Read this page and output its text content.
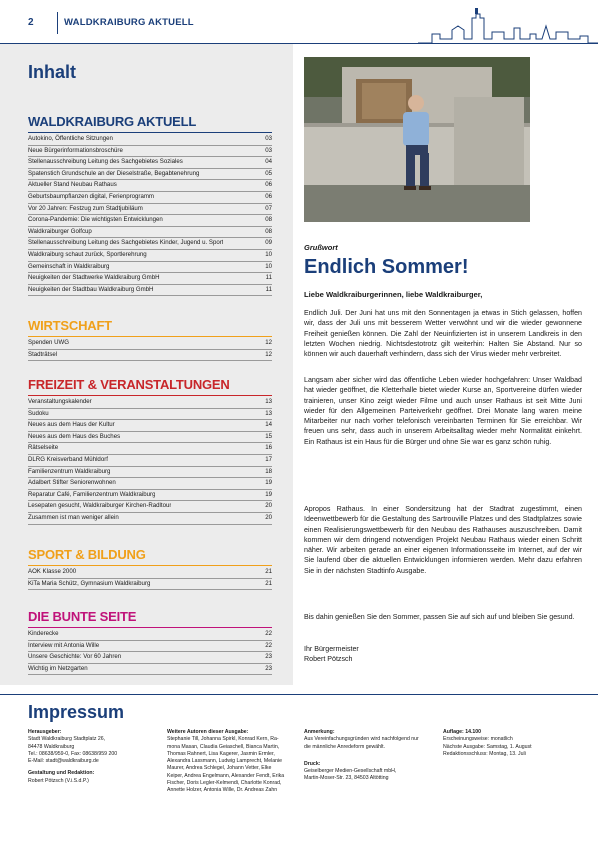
2	WALDKRAIBURG AKTUELL
Inhalt
WALDKRAIBURG AKTUELL
Autokino, Öffentliche Sitzungen	03
Neue Bürgerinformationsbroschüre	03
Stellenausschreibung Leitung des Sachgebietes Soziales	04
Spatenstich Grundschule an der Dieselstraße, Begabtenehrung	05
Aktueller Stand Neubau Rathaus	06
Geburtsbaumpflanzen digital, Ferienprogramm	06
Vor 20 Jahren: Festzug zum Stadtjubiläum	07
Corona-Pandemie: Die wichtigsten Entwicklungen	08
Waldkraiburger Golfcup	08
Stellenausschreibung Leitung des Sachgebietes Kinder, Jugend u. Sport	09
Waldkraiburg schaut zurück, Sportlerehrung	10
Gemeinschaft in Waldkraiburg	10
Neuigkeiten der Stadtwerke Waldkraiburg GmbH	11
Neuigkeiten der Stadtbau Waldkraiburg GmbH	11
WIRTSCHAFT
Spenden UWG	12
Stadträtsel	12
FREIZEIT & VERANSTALTUNGEN
Veranstaltungskalender	13
Sudoku	13
Neues aus dem Haus der Kultur	14
Neues aus dem Haus des Buches	15
Rätselseite	16
DLRG Kreisverband Mühldorf	17
Familienzentrum Waldkraiburg	18
Adalbert Stifter Seniorenwohnen	19
Reparatur Café, Familienzentrum Waldkraiburg	19
Lesepaten gesucht, Waldkraiburger Kirchen-Radltour	20
Zusammen ist man weniger allein	20
SPORT & BILDUNG
AOK Klasse 2000	21
KiTa Maria Schütz, Gymnasium Waldkraiburg	21
DIE BUNTE SEITE
Kinderecke	22
Interview mit Antonia Wille	22
Unsere Geschichte: Vor 60 Jahren	23
Wichtig im Netzgarten	23
Grußwort
Endlich Sommer!
Liebe Waldkraiburgerinnen, liebe Waldkraiburger,

Endlich Juli. Der Juni hat uns mit den Sonnentagen ja etwas in Stich gelassen, hoffen wir, dass der Juli uns mit besserem Wetter verwöhnt und wir die wieder gewonnene Freiheit genießen können. Die Zahl der Neuinfizierten ist in unserem Landkreis in den letzten Wochen niedrig. Nichtsdestotrotz gilt weiterhin: Halten Sie Abstand. Nur so können wir auch dauerhaft verhindern, dass sich der Virus wieder mehr verbreitet.

Langsam aber sicher wird das öffentliche Leben wieder hochgefahren: Unser Waldbad hat wieder geöffnet, die Kletterhalle bietet wieder Kurse an, Sportvereine dürfen wieder trainieren, unser Kino zeigt wieder Filme und auch unser Rathaus ist seit Mitte Juni wieder für den Allgemeinen Parteiverkehr geöffnet. Drei Monate lang waren meine Mitarbeiter nur nach vorher telefonisch vereinbarten Terminen für Sie erreichbar. Wir freuen uns sehr, dass auch in unserem Arbeitsalltag wieder mehr Normalität einkehrt. Ein Rathaus ist ein Haus für die Bürger und ohne Sie war es ganz schön ruhig.

Apropos Rathaus. In einer Sondersitzung hat der Stadtrat zugestimmt, einen Ideenwettbewerb für die Gestaltung des Sartrouville Platzes und des Stadtplatzes sowie einen Realisierungswettbewerb für den Neubau des Rathauses auszuschreiben. Damit kommen wir dem dringend notwendigen Projekt Neubau Rathaus wieder einen Schritt näher. Wir arbeiten gerade an einer eigenen Informationsseite im Internet, auf der wir Sie laufend über die aktuellen Entwicklungen informieren werden. Mehr dazu erfahren Sie in der nächsten Stadtinfo Ausgabe.

Bis dahin genießen Sie den Sommer, passen Sie auf sich auf und bleiben Sie gesund.

Ihr Bürgermeister
Robert Pötzsch
Impressum
Herausgeber:
Stadt Waldkraiburg Stadtplatz 26,
84478 Waldkraiburg
Tel.: 08638/959-0, Fax: 08638/959 200
E-Mail: stadt@waldkraiburg.de
Gestaltung und Redaktion:
Robert Pötzsch (V.i.S.d.P.)
Weitere Autoren dieser Ausgabe:
Stephanie Till, Johanna Spirkl, Konrad Kern, Ra-
mona Masan, Claudia Geiaschell, Bianca Martin,
Thomas Rahnert, Lisa Kagerer, Jasmin Ermler,
Alexandra Lassmann, Ludwig Lamprecht, Melanie
Maurer, Andrea Schlegel, Johann Vetter, Elke
Keiper, Andrea Engelmann, Alexander Fendt, Erika
Fischer, Doris Legler-Kelmendi, Charlotte Konrad,
Annette Holzer, Antonia Wille, Dr. Andreas Zahn
Anmerkung:
Aus Vereinfachungsgründen wird nachfolgend nur
die männliche Anredeform gewählt.
Druck:
Geiselberger Medien-Gesellschaft mbH,
Martin-Moser-Str. 23, 84503 Altötting
Auflage: 14.100
Erscheinungsweise: monatlich
Nächste Ausgabe: Samstag, 1. August
Redaktionsschluss: Montag, 13. Juli
